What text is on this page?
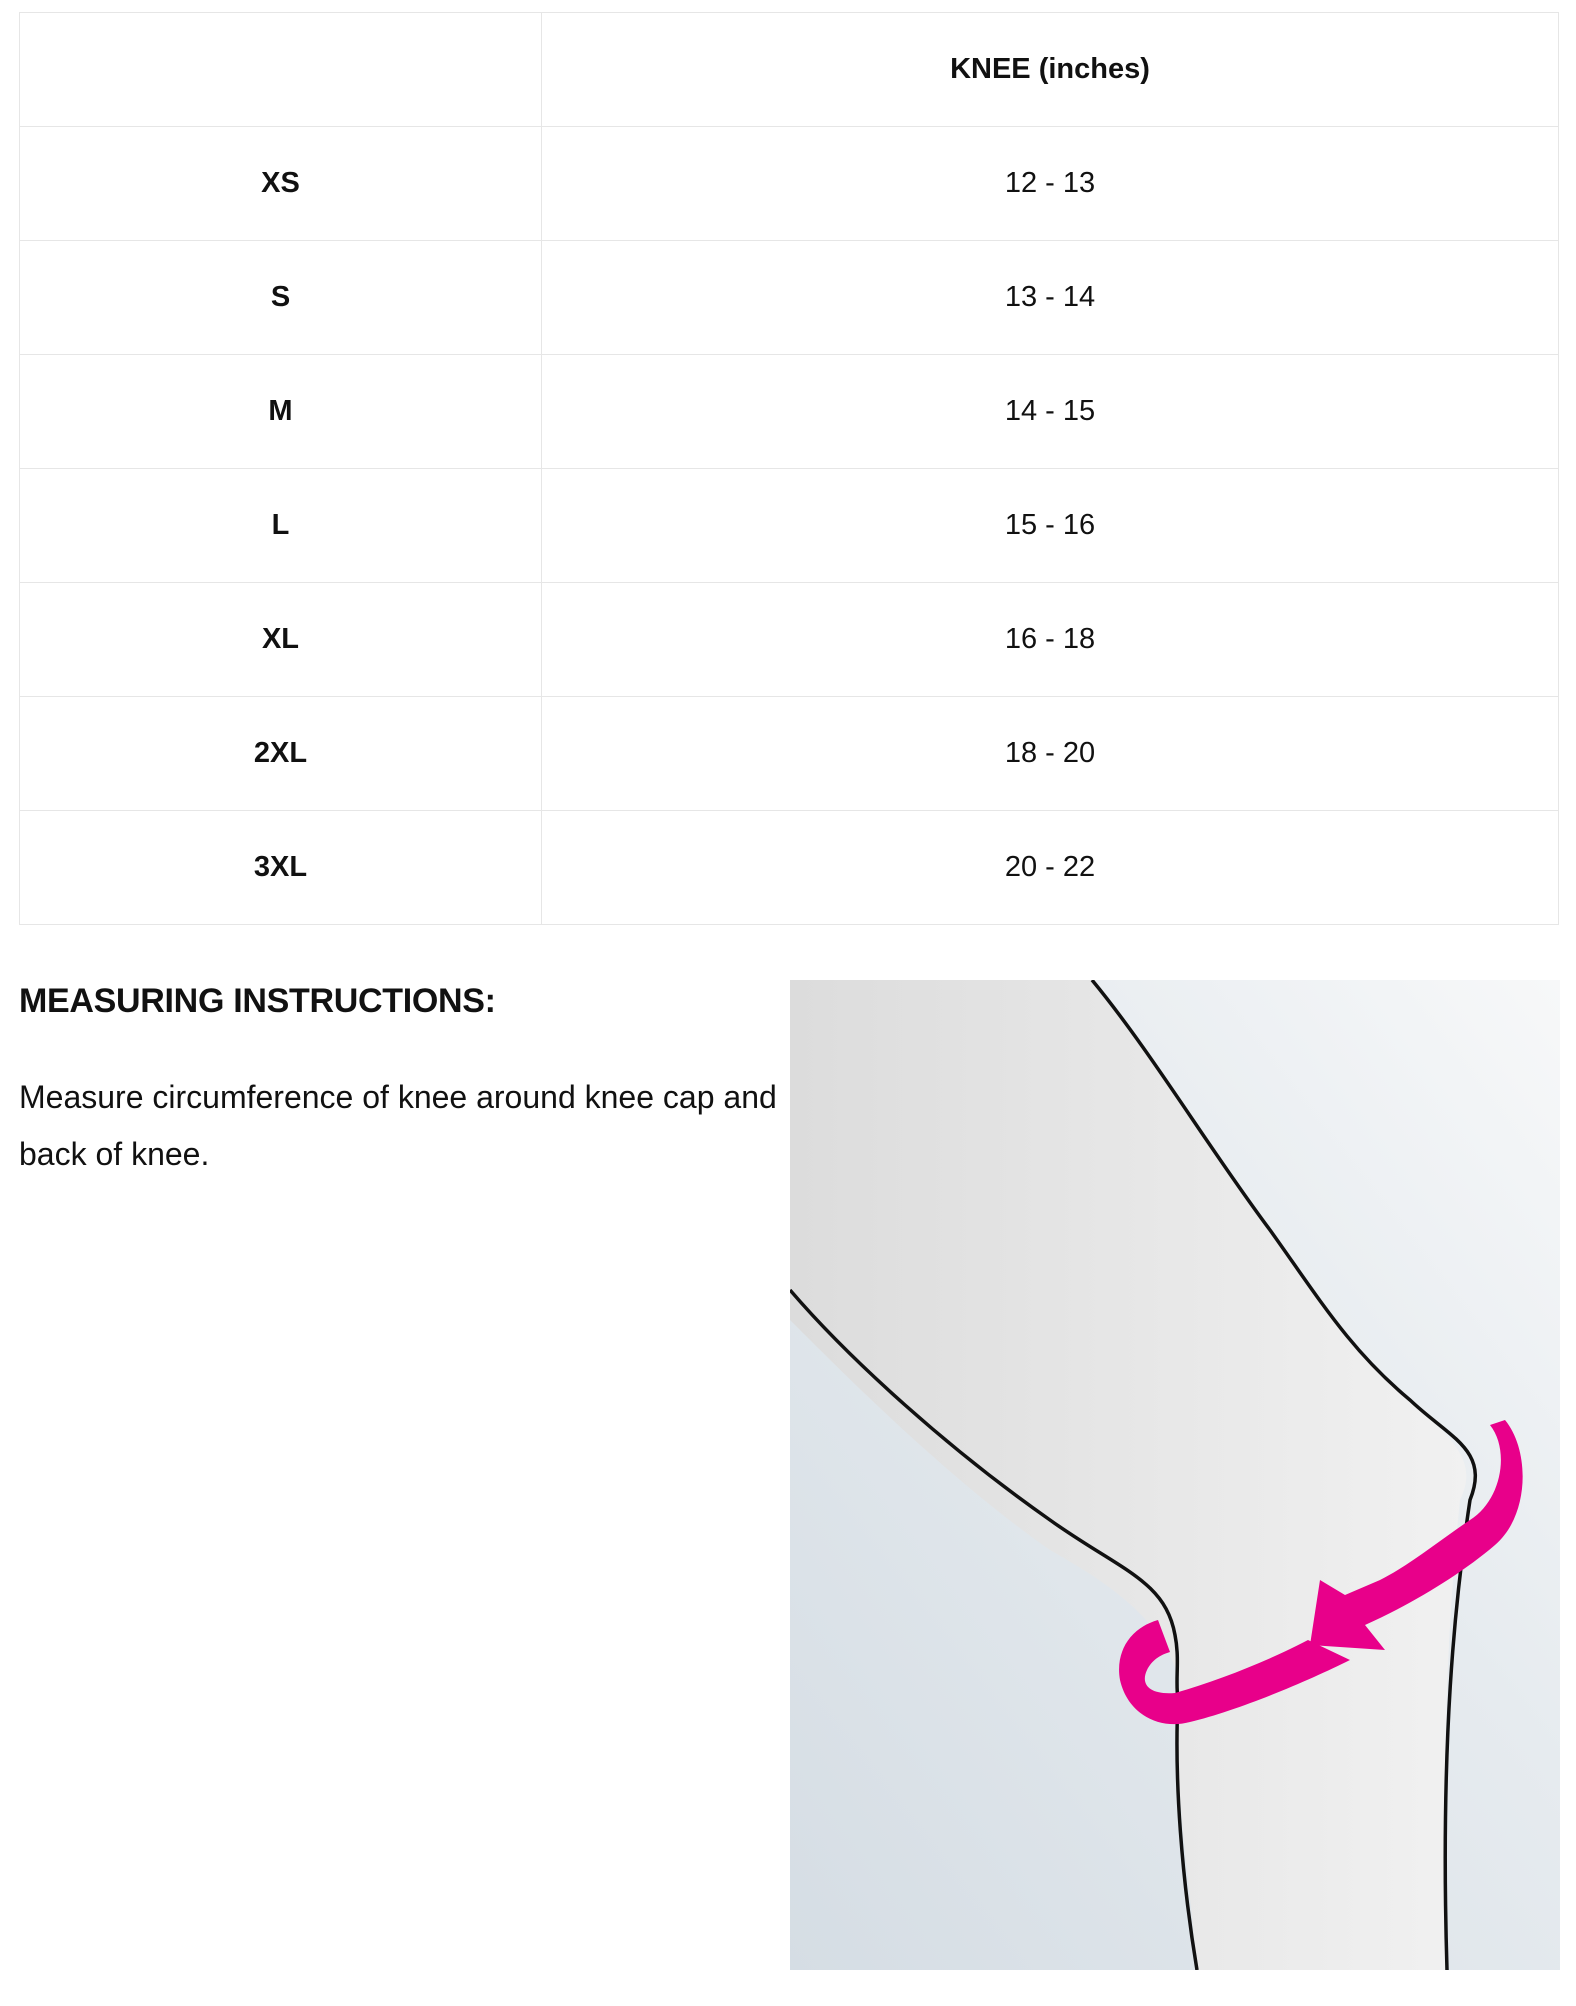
	KNEE (inches)
XS	12 - 13
S	13 - 14
M	14 - 15
L	15 - 16
XL	16 - 18
2XL	18 - 20
3XL	20 - 22
MEASURING INSTRUCTIONS:

Measure circumference of knee around knee cap and back of knee.
